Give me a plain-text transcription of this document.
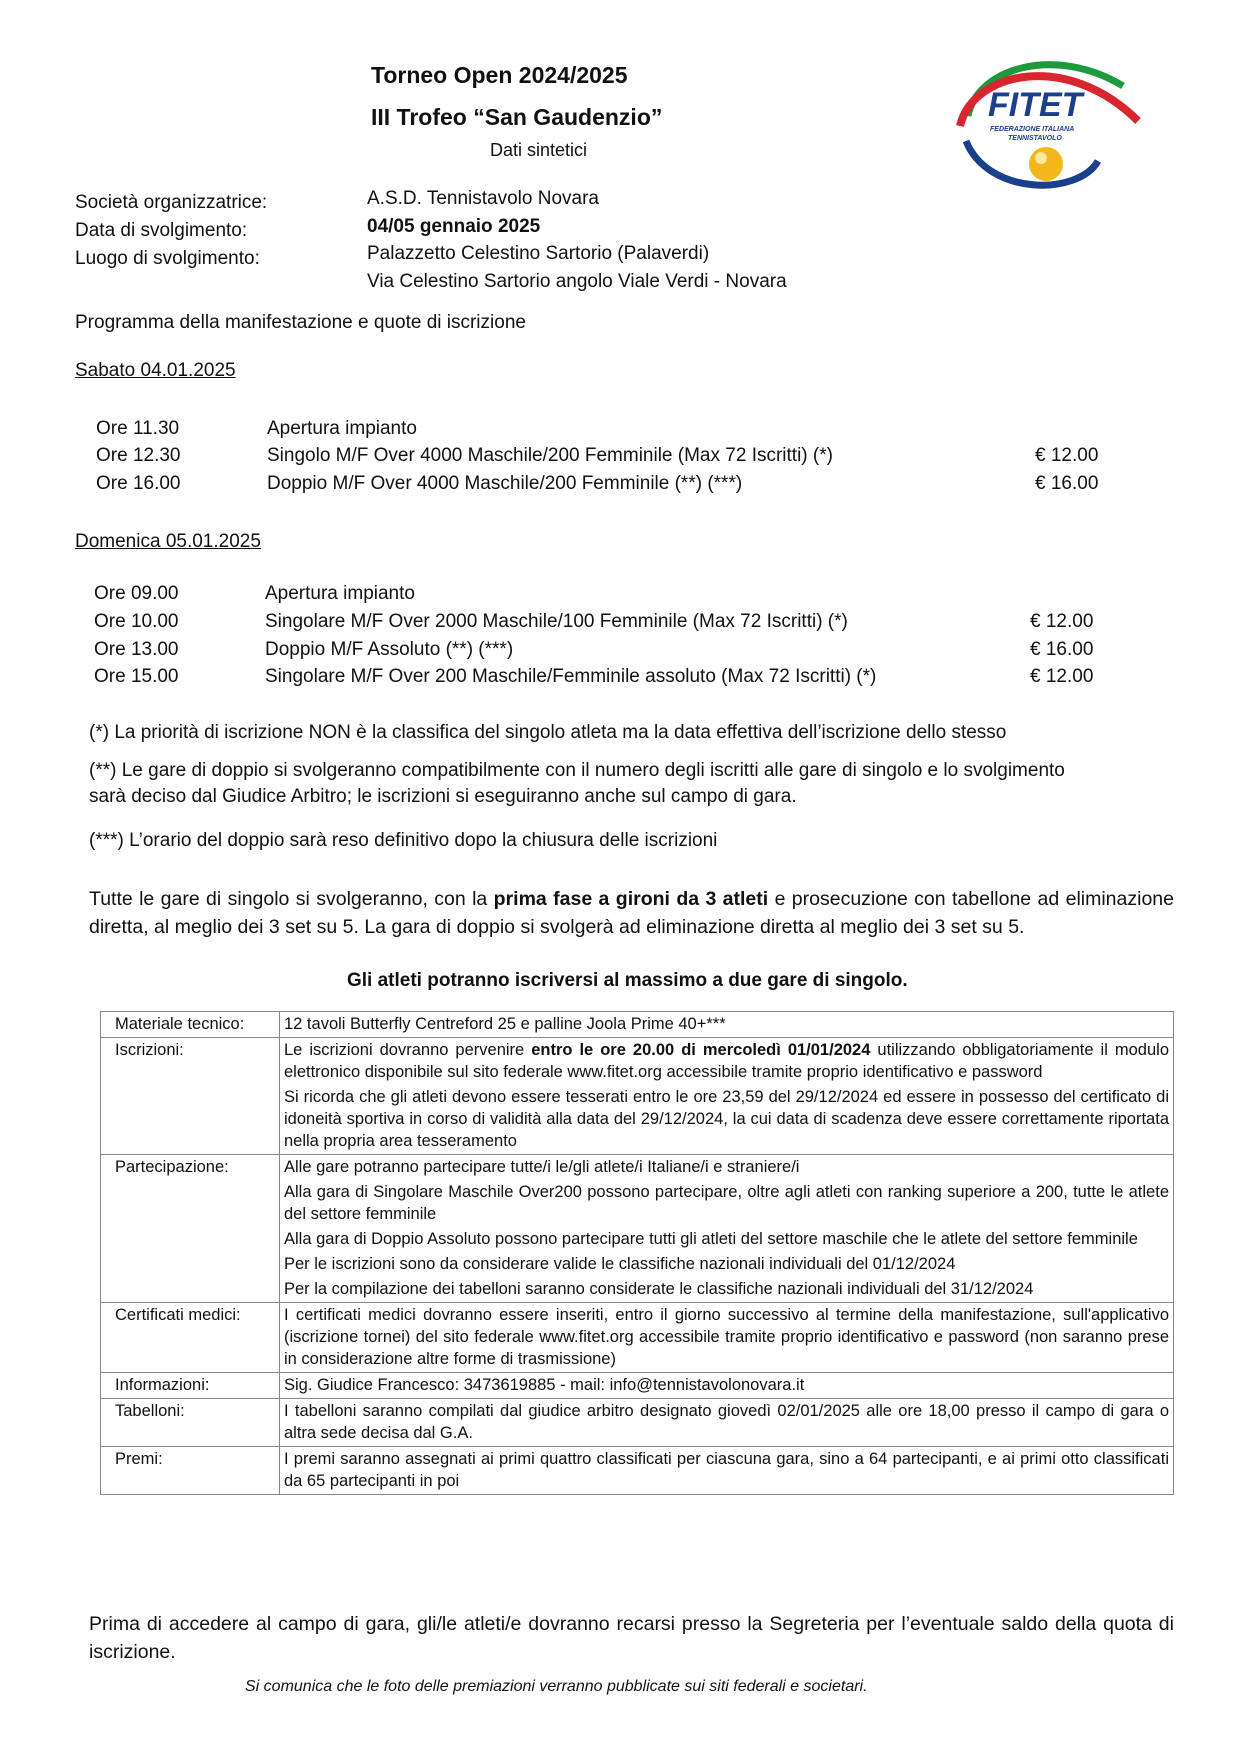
Torneo Open 2024/2025
III Trofeo “San Gaudenzio”
Dati sintetici
FITET
FEDERAZIONE ITALIANA
TENNISTAVOLO
Società organizzatrice:	A.S.D. Tennistavolo Novara
Data di svolgimento:	04/05 gennaio 2025
Luogo di svolgimento:	Palazzetto Celestino Sartorio (Palaverdi)
Via Celestino Sartorio angolo Viale Verdi - Novara
Programma della manifestazione e quote di iscrizione
Sabato 04.01.2025
Ore 11.30	Apertura impianto
Ore 12.30	Singolo M/F Over 4000 Maschile/200 Femminile (Max 72 Iscritti) (*)	€ 12.00
Ore 16.00	Doppio M/F Over 4000 Maschile/200 Femminile (**) (***)	€ 16.00
Domenica 05.01.2025
Ore 09.00	Apertura impianto
Ore 10.00	Singolare M/F Over 2000 Maschile/100 Femminile (Max 72 Iscritti) (*)	€ 12.00
Ore 13.00	Doppio M/F Assoluto (**) (***)	€ 16.00
Ore 15.00	Singolare M/F Over 200 Maschile/Femminile assoluto (Max 72 Iscritti) (*)	€ 12.00
(*) La priorità di iscrizione NON è la classifica del singolo atleta ma la data effettiva dell’iscrizione dello stesso
(**) Le gare di doppio si svolgeranno compatibilmente con il numero degli iscritti alle gare di singolo e lo svolgimento sarà deciso dal Giudice Arbitro; le iscrizioni si eseguiranno anche sul campo di gara.
(***) L’orario del doppio sarà reso definitivo dopo la chiusura delle iscrizioni
Tutte le gare di singolo si svolgeranno, con la prima fase a gironi da 3 atleti e prosecuzione con tabellone ad eliminazione diretta, al meglio dei 3 set su 5. La gara di doppio si svolgerà ad eliminazione diretta al meglio dei 3 set su 5.
Gli atleti potranno iscriversi al massimo a due gare di singolo.
Materiale tecnico:	12 tavoli Butterfly Centreford 25 e palline Joola Prime 40+***

Iscrizioni:	Le iscrizioni dovranno pervenire entro le ore 20.00 di mercoledì 01/01/2024 utilizzando obbligatoriamente il modulo elettronico disponibile sul sito federale www.fitet.org accessibile tramite proprio identificativo e password

Si ricorda che gli atleti devono essere tesserati entro le ore 23,59 del 29/12/2024 ed essere in possesso del certificato di idoneità sportiva in corso di validità alla data del 29/12/2024, la cui data di scadenza deve essere correttamente riportata nella propria area tesseramento

Partecipazione:	Alle gare potranno partecipare tutte/i le/gli atlete/i Italiane/i e straniere/i

Alla gara di Singolare Maschile Over200 possono partecipare, oltre agli atleti con ranking superiore a 200, tutte le atlete del settore femminile

Alla gara di Doppio Assoluto possono partecipare tutti gli atleti del settore maschile che le atlete del settore femminile

Per le iscrizioni sono da considerare valide le classifiche nazionali individuali del 01/12/2024

Per la compilazione dei tabelloni saranno considerate le classifiche nazionali individuali del 31/12/2024

Certificati medici:	I certificati medici dovranno essere inseriti, entro il giorno successivo al termine della manifestazione, sull'applicativo (iscrizione tornei) del sito federale www.fitet.org accessibile tramite proprio identificativo e password (non saranno prese in considerazione altre forme di trasmissione)

Informazioni:	Sig. Giudice Francesco: 3473619885 - mail: info@tennistavolonovara.it

Tabelloni:	I tabelloni saranno compilati dal giudice arbitro designato giovedì 02/01/2025 alle ore 18,00 presso il campo di gara o altra sede decisa dal G.A.

Premi:	I premi saranno assegnati ai primi quattro classificati per ciascuna gara, sino a 64 partecipanti, e ai primi otto classificati da 65 partecipanti in poi

Prima di accedere al campo di gara, gli/le atleti/e dovranno recarsi presso la Segreteria per l’eventuale saldo della quota di iscrizione.
Si comunica che le foto delle premiazioni verranno pubblicate sui siti federali e societari.
